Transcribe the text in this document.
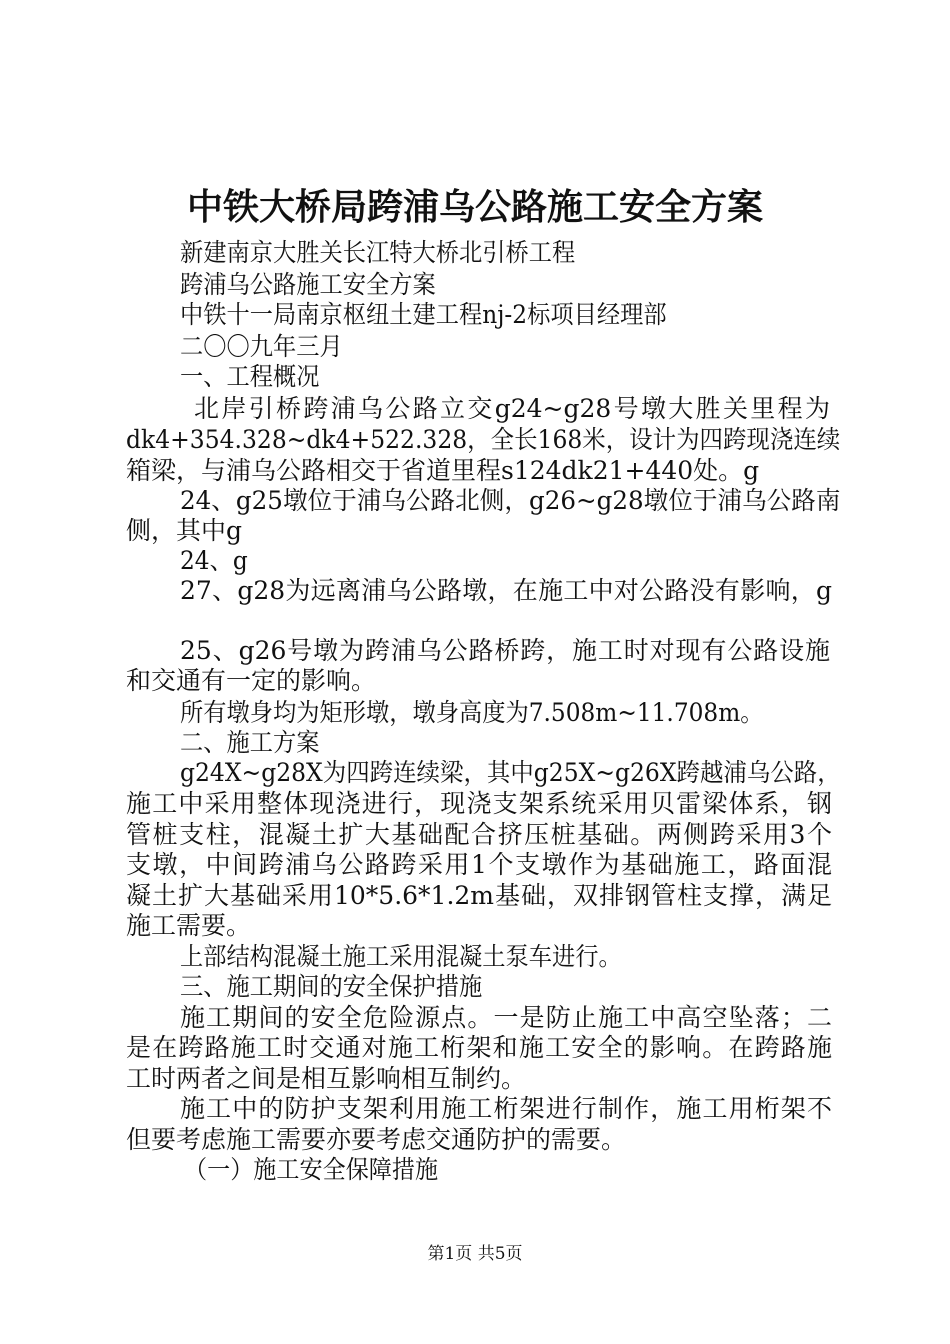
中铁大桥局跨浦乌公路施工安全方案
新建南京大胜关长江特大桥北引桥工程
跨浦乌公路施工安全方案
中铁十一局南京枢纽土建工程nj-2标项目经理部
二〇〇九年三月
一、工程概况
北岸引桥跨浦乌公路立交g24~g28号墩大胜关里程为
dk4+354.328~dk4+522.328，全长168米，设计为四跨现浇连续
箱梁，与浦乌公路相交于省道里程s124dk21+440处。g
24、g25墩位于浦乌公路北侧，g26~g28墩位于浦乌公路南
侧，其中g
24、g
27、g28为远离浦乌公路墩，在施工中对公路没有影响，g
25、g26号墩为跨浦乌公路桥跨，施工时对现有公路设施
和交通有一定的影响。
所有墩身均为矩形墩，墩身高度为7.508m~11.708m。
二、施工方案
g24X~g28X为四跨连续梁，其中g25X~g26X跨越浦乌公路，
施工中采用整体现浇进行，现浇支架系统采用贝雷梁体系，钢
管桩支柱，混凝土扩大基础配合挤压桩基础。两侧跨采用3个
支墩，中间跨浦乌公路跨采用1个支墩作为基础施工，路面混
凝土扩大基础采用10*5.6*1.2m基础，双排钢管柱支撑，满足
施工需要。
上部结构混凝土施工采用混凝土泵车进行。
三、施工期间的安全保护措施
施工期间的安全危险源点。一是防止施工中高空坠落；二
是在跨路施工时交通对施工桁架和施工安全的影响。在跨路施
工时两者之间是相互影响相互制约。
施工中的防护支架利用施工桁架进行制作，施工用桁架不
但要考虑施工需要亦要考虑交通防护的需要。
（一）施工安全保障措施
第1页 共5页
